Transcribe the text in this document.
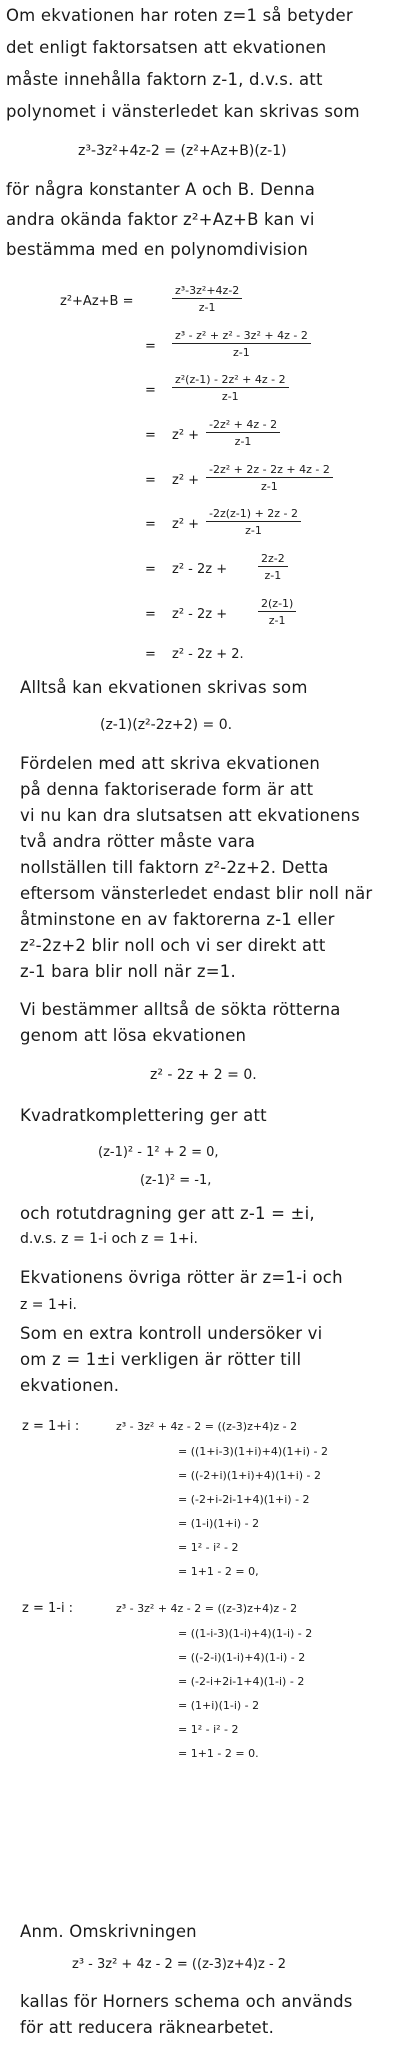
Om ekvationen har roten z=1 så betyder
det enligt faktorsatsen att ekvationen
måste innehålla faktorn z-1, d.v.s. att
polynomet i vänsterledet kan skrivas som
z³-3z²+4z-2 = (z²+Az+B)(z-1)
för några konstanter A och B. Denna
andra okända faktor z²+Az+B kan vi
bestämma med en polynomdivision
z²+Az+B =	$\frac{\text{z³-3z²+4z-2}}{z-1}$
= $\frac{\text{z³ - z² + z² - 3z² + 4z - 2}}{z-1}$
= $\frac{\text{z²(z-1) - 2z² + 4z - 2}}{z-1}$
= $z^2 + \frac{\text{-2z² + 4z - 2}}{z-1}$
= $z^2 + \frac{\text{-2z² + 2z - 2z + 4z - 2}}{z-1}$
= $z^2 + \frac{-2z(z-1) + 2z - 2}{z-1}$
= z² - 2z +	$\frac{2z-2}{z-1}$
= z² - 2z +	$\frac{2(z-1)}{z-1}$
= z² - 2z + 2.
Alltså kan ekvationen skrivas som
(z-1)(z²-2z+2) = 0.
Fördelen med att skriva ekvationen
på denna faktoriserade form är att
vi nu kan dra slutsatsen att ekvationens
två andra rötter måste vara
nollställen till faktorn z²-2z+2. Detta
eftersom vänsterledet endast blir noll när
åtminstone en av faktorerna z-1 eller
z²-2z+2 blir noll och vi ser direkt att
z-1 bara blir noll när z=1.
Vi bestämmer alltså de sökta rötterna
genom att lösa ekvationen
z² - 2z + 2 = 0.
Kvadratkomplettering ger att
(z-1)² - 1² + 2 = 0,
(z-1)² = -1,
och rotutdragning ger att z-1 = ±i,
d.v.s. z = 1-i och z = 1+i.
Ekvationens övriga rötter är z=1-i och
z = 1+i.
Som en extra kontroll undersöker vi
om z = 1±i verkligen är rötter till
ekvationen.
z = 1+i :	z³ - 3z² + 4z - 2 = ((z-3)z+4)z - 2
= ((1+i-3)(1+i)+4)(1+i) - 2
= ((-2+i)(1+i)+4)(1+i) - 2
= (-2+i-2i-1+4)(1+i) - 2
= (1-i)(1+i) - 2
= 1² - i² - 2
= 1+1 - 2 = 0,
z = 1-i :	z³ - 3z² + 4z - 2 = ((z-3)z+4)z - 2
= ((1-i-3)(1-i)+4)(1-i) - 2
= ((-2-i)(1-i)+4)(1-i) - 2
= (-2-i+2i-1+4)(1-i) - 2
= (1+i)(1-i) - 2
= 1² - i² - 2
= 1+1 - 2 = 0.
Anm. Omskrivningen
z³ - 3z² + 4z - 2 = ((z-3)z+4)z - 2
kallas för Horners schema och används
för att reducera räknearbetet.
